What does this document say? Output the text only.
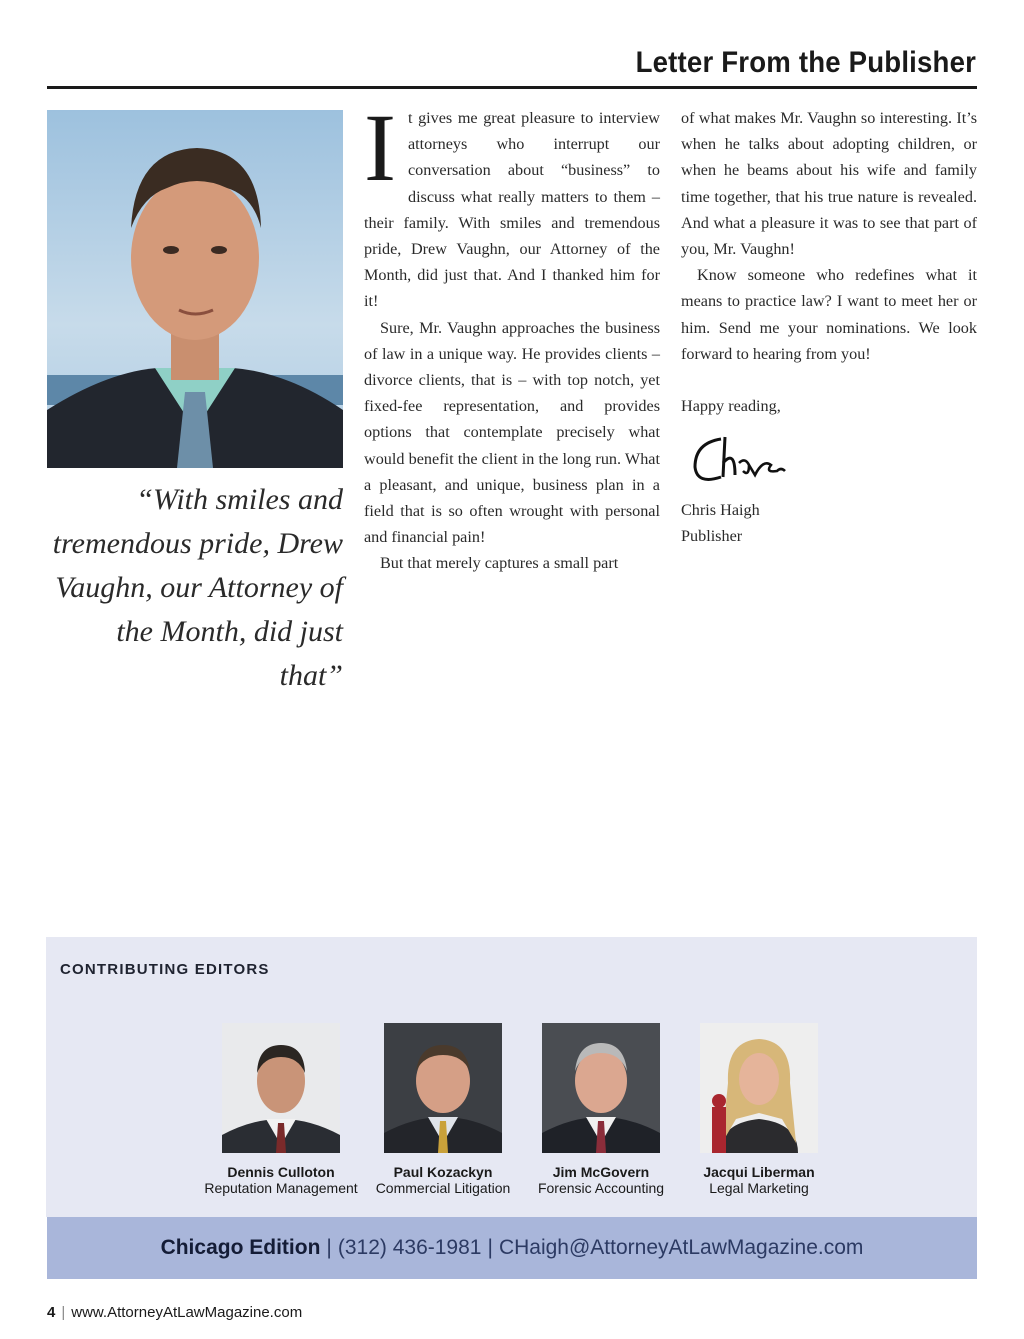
Letter From the Publisher
“With smiles and tremendous pride, Drew Vaughn, our Attorney of the Month, did just that”

It gives me great pleasure to interview attorneys who interrupt our conversation about “business” to discuss what really matters to them – their family. With smiles and tremendous pride, Drew Vaughn, our Attorney of the Month, did just that. And I thanked him for it!

Sure, Mr. Vaughn approaches the business of law in a unique way. He provides clients – divorce clients, that is – with top notch, yet fixed-fee representation, and provides options that contemplate precisely what would benefit the client in the long run. What a pleasant, and unique, business plan in a field that is so often wrought with personal and financial pain!

But that merely captures a small part

of what makes Mr. Vaughn so interesting. It’s when he talks about adopting children, or when he beams about his wife and family time together, that his true nature is revealed. And what a pleasure it was to see that part of you, Mr. Vaughn!

Know someone who redefines what it means to practice law? I want to meet her or him. Send me your nominations. We look forward to hearing from you!

Happy reading,

Chris Haigh

Publisher

CONTRIBUTING EDITORS
Dennis Culloton
Reputation Management
Paul Kozackyn
Commercial Litigation
Jim McGovern
Forensic Accounting
Jacqui Liberman
Legal Marketing
Chicago Edition | (312) 436-1981 | CHaigh@AttorneyAtLawMagazine.com
4 | www.AttorneyAtLawMagazine.com
